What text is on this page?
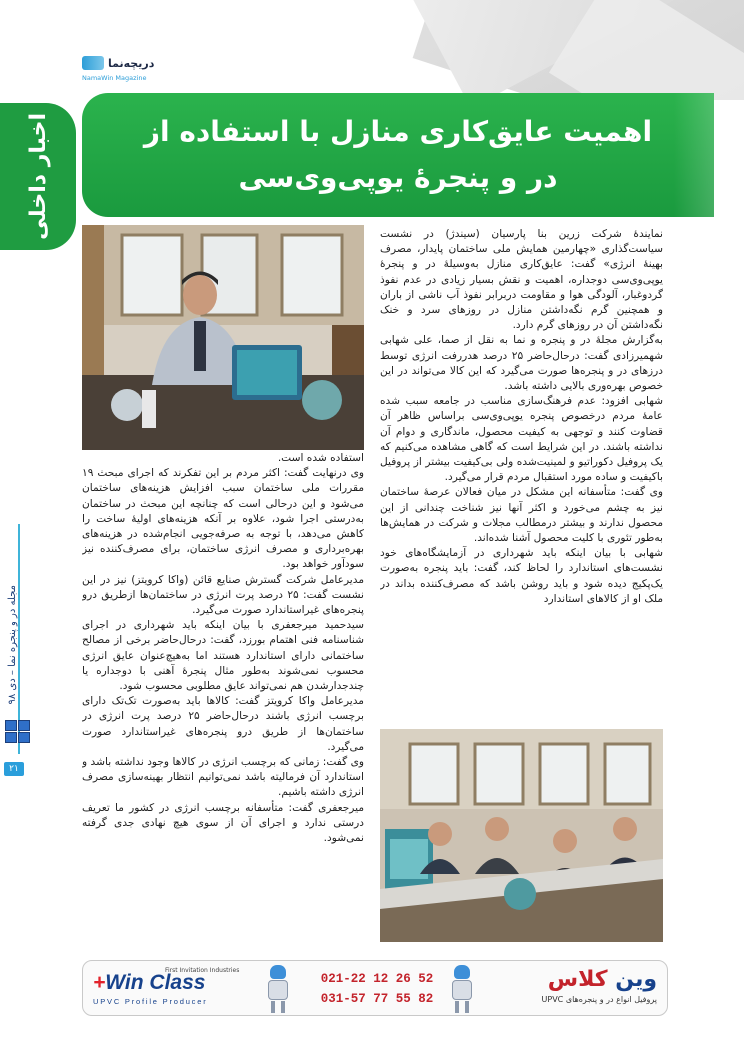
دریچه‌نما
NamaWin Magazine
اخبار داخلی	اهمیت عایق‌کاری منازل با استفاده از
در و پنجرهٔ یوپی‌وی‌سی
مجله در و پنجره نما – دی ۹۸
۲۱

نمایندهٔ شرکت زرین بنا پارسیان (سیندژ) در نشست سیاست‌گذاری «چهارمین همایش ملی ساختمان پایدار، مصرف بهینهٔ انرژی» گفت: عایق‌کاری منازل به‌وسیلهٔ در و پنجرهٔ یوپی‌وی‌سی دوجداره، اهمیت و نقش بسیار زیادی در عدم نفوذ گردوغبار، آلودگی هوا و مقاومت دربرابر نفوذ آب ناشی از باران و همچنین گرم نگه‌داشتن منازل در روزهای سرد و خنک نگه‌داشتن آن در روزهای گرم دارد.

به‌گزارش مجلهٔ در و پنجره و نما به نقل از صما، علی شهابی شهمیرزادی گفت: درحال‌حاضر ۲۵ درصد هدررفت انرژی توسط درزهای در و پنجره‌ها صورت می‌گیرد که این کالا می‌تواند در این خصوص بهره‌وری بالایی داشته باشد.

شهابی افزود: عدم فرهنگ‌سازی مناسب در جامعه سبب شده عامهٔ مردم درخصوص پنجره یوپی‌وی‌سی براساس ظاهر آن قضاوت کنند و توجهی به کیفیت محصول، ماندگاری و دوام آن نداشته باشند. در این شرایط است که گاهی مشاهده می‌کنیم که یک پروفیل دکوراتیو و لمینیت‌شده ولی بی‌کیفیت بیشتر از پروفیل باکیفیت و ساده مورد استقبال مردم قرار می‌گیرد.

وی گفت: متأسفانه این مشکل در میان فعالان عرصهٔ ساختمان نیز به چشم می‌خورد و اکثر آنها نیز شناخت چندانی از این محصول ندارند و بیشتر درمطالب مجلات و شرکت در همایش‌ها به‌طور تئوری با کلیت محصول آشنا شده‌اند.

شهابی با بیان اینکه باید شهرداری در آزمایشگاه‌های خود نشست‌های استاندارد را لحاظ کند، گفت: باید پنجره به‌صورت یک‌پکیج دیده شود و باید روشن باشد که مصرف‌کننده بداند در ملک او از کالاهای استاندارد

استفاده شده است.

وی درنهایت گفت: اکثر مردم بر این تفکرند که اجرای مبحث ۱۹ مقررات ملی ساختمان سبب افزایش هزینه‌های ساختمان می‌شود و این درحالی است که چنانچه این مبحث در ساختمان به‌درستی اجرا شود، علاوه بر آنکه هزینه‌های اولیهٔ ساخت را کاهش می‌دهد، با توجه به صرفه‌جویی انجام‌شده در هزینه‌های بهره‌برداری و مصرف انرژی ساختمان، برای مصرف‌کننده نیز سودآور خواهد بود.

مدیرعامل شرکت گسترش صنایع قائن (واکا کرویتز) نیز در این نشست گفت: ۲۵ درصد پرت انرژی در ساختمان‌ها ازطریق درو پنجره‌های غیراستاندارد صورت می‌گیرد.

سیدحمید میرجعفری با بیان اینکه باید شهرداری در اجرای شناسنامه فنی اهتمام بورزد، گفت: درحال‌حاضر برخی از مصالح ساختمانی دارای استاندارد هستند اما به‌هیچ‌عنوان عایق انرژی محسوب نمی‌شوند به‌طور مثال پنجرهٔ آهنی با دوجداره یا چندجدارشدن هم نمی‌تواند عایق مطلوبی محسوب شود.

مدیرعامل واکا کرویتز گفت: کالاها باید به‌صورت تک‌تک دارای برچسب انرژی باشند درحال‌حاضر ۲۵ درصد پرت انرژی در ساختمان‌ها از طریق درو پنجره‌های غیراستاندارد صورت می‌گیرد.

وی گفت: زمانی که برچسب انرژی در کالاها وجود نداشته باشد و استاندارد آن فرمالیته باشد نمی‌توانیم انتظار بهینه‌سازی مصرف انرژی داشته باشیم.

میرجعفری گفت: متأسفانه برچسب انرژی در کشور ما تعریف درستی ندارد و اجرای آن از سوی هیچ نهادی جدی گرفته نمی‌شود.

First Invitation Industries
+Win Class
UPVC Profile Producer
021-22 12 26 52
031-57 77 55 82
وین کلاس
پروفیل انواع در و پنجره‌های UPVC
